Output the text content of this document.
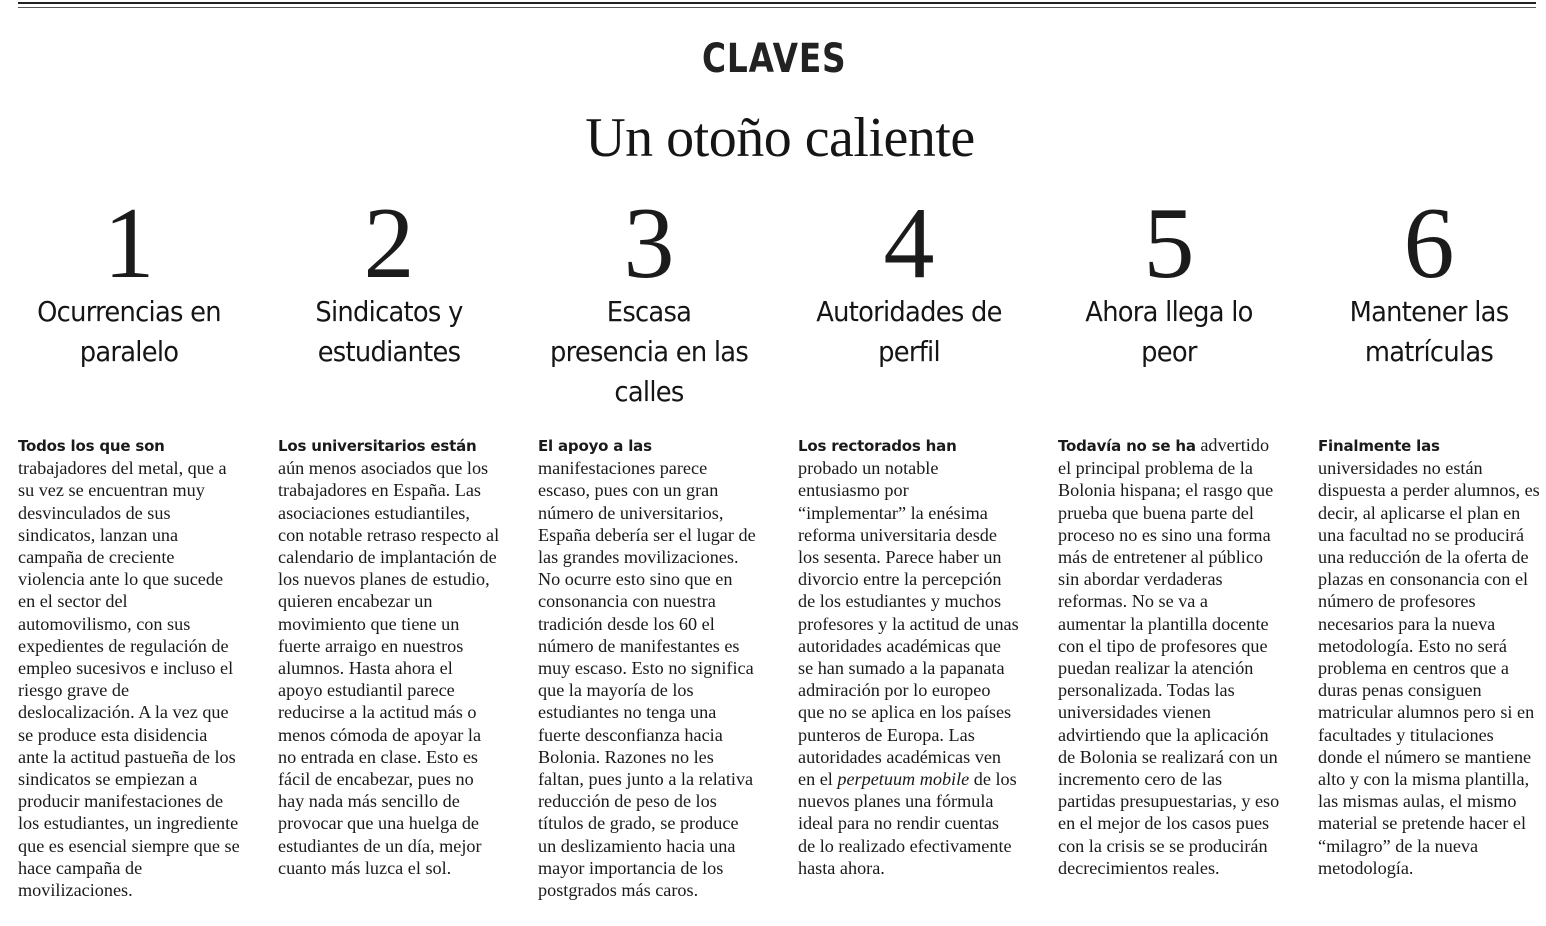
CLAVES
Un otoño caliente
1
Ocurrencias en paralelo

Todos los que son trabajadores del metal, que a su vez se encuentran muy desvinculados de sus sindicatos, lanzan una campaña de creciente violencia ante lo que sucede en el sector del automovilismo, con sus expedientes de regulación de empleo sucesivos e incluso el riesgo grave de deslocalización. A la vez que se produce esta disidencia ante la actitud pastueña de los sindicatos se empiezan a producir manifestaciones de los estudiantes, un ingrediente que es esencial siempre que se hace campaña de movilizaciones.

2
Sindicatos y estudiantes

Los universitarios están aún menos asociados que los trabajadores en España. Las asociaciones estudiantiles, con notable retraso respecto al calendario de implantación de los nuevos planes de estudio, quieren encabezar un movimiento que tiene un fuerte arraigo en nuestros alumnos. Hasta ahora el apoyo estudiantil parece reducirse a la actitud más o menos cómoda de apoyar la no entrada en clase. Esto es fácil de encabezar, pues no hay nada más sencillo de provocar que una huelga de estudiantes de un día, mejor cuanto más luzca el sol.

3
Escasa presencia en las calles

El apoyo a las manifestaciones parece escaso, pues con un gran número de universitarios, España debería ser el lugar de las grandes movilizaciones. No ocurre esto sino que en consonancia con nuestra tradición desde los 60 el número de manifestantes es muy escaso. Esto no significa que la mayoría de los estudiantes no tenga una fuerte desconfianza hacia Bolonia. Razones no les faltan, pues junto a la relativa reducción de peso de los títulos de grado, se produce un deslizamiento hacia una mayor importancia de los postgrados más caros.

4
Autoridades de perfil

Los rectorados han probado un notable entusiasmo por “implementar” la enésima reforma universitaria desde los sesenta. Parece haber un divorcio entre la percepción de los estudiantes y muchos profesores y la actitud de unas autoridades académicas que se han sumado a la papanata admiración por lo europeo que no se aplica en los países punteros de Europa. Las autoridades académicas ven en el perpetuum mobile de los nuevos planes una fórmula ideal para no rendir cuentas de lo realizado efectivamente hasta ahora.

5
Ahora llega lo peor

Todavía no se ha advertido el principal problema de la Bolonia hispana; el rasgo que prueba que buena parte del proceso no es sino una forma más de entretener al público sin abordar verdaderas reformas. No se va a aumentar la plantilla docente con el tipo de profesores que puedan realizar la atención personalizada. Todas las universidades vienen advirtiendo que la aplicación de Bolonia se realizará con un incremento cero de las partidas presupuestarias, y eso en el mejor de los casos pues con la crisis se se producirán decrecimientos reales.

6
Mantener las matrículas

Finalmente las universidades no están dispuesta a perder alumnos, es decir, al aplicarse el plan en una facultad no se producirá una reducción de la oferta de plazas en consonancia con el número de profesores necesarios para la nueva metodología. Esto no será problema en centros que a duras penas consiguen matricular alumnos pero si en facultades y titulaciones donde el número se mantiene alto y con la misma plantilla, las mismas aulas, el mismo material se pretende hacer el “milagro” de la nueva metodología.
